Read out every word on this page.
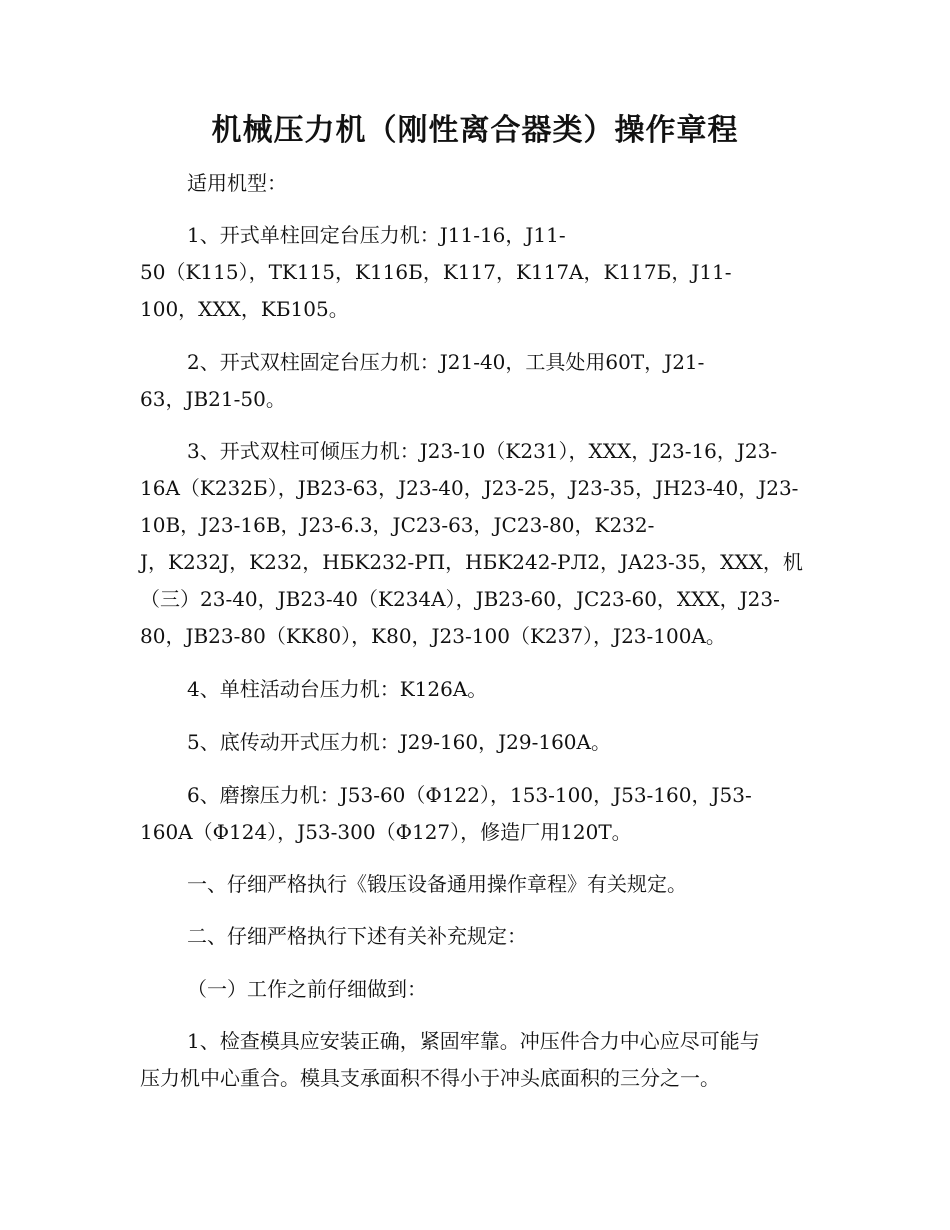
机械压力机（刚性离合器类）操作章程

适用机型：

1、开式单柱回定台压力机：J11-16，J11-
50（K115），TK115，K116Б，K117，K117A，K117Б，J11-
100，XXX，KБ105。

2、开式双柱固定台压力机：J21-40，工具处用60T，J21-
63，JB21-50。

3、开式双柱可倾压力机：J23-10（K231），XXX，J23-16，J23-
16A（K232Б），JB23-63，J23-40，J23-25，J23-35，JH23-40，J23-
10B，J23-16B，J23-6.3，JC23-63，JC23-80，K232-
J，K232J，K232，НБK232-РП，НБK242-РЛ2，JA23-35，XXX，机
（三）23-40，JB23-40（K234A），JB23-60，JC23-60，XXX，J23-
80，JB23-80（KK80），K80，J23-100（K237），J23-100A。

4、单柱活动台压力机：K126A。

5、底传动开式压力机：J29-160，J29-160A。

6、磨擦压力机：J53-60（Φ122），153-100，J53-160，J53-
160A（Φ124），J53-300（Φ127），修造厂用120T。

一、仔细严格执行《锻压设备通用操作章程》有关规定。

二、仔细严格执行下述有关补充规定：

（一）工作之前仔细做到：

1、检查模具应安装正确，紧固牢靠。冲压件合力中心应尽可能与
压力机中心重合。模具支承面积不得小于冲头底面积的三分之一。
